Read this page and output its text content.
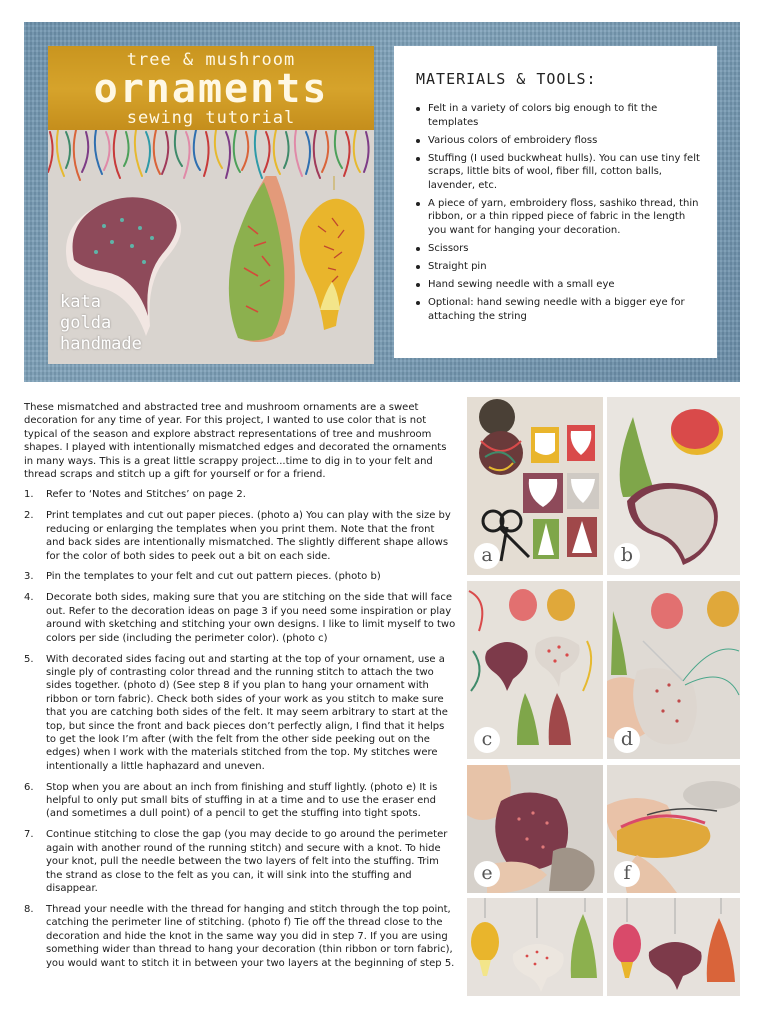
tree & mushroom
ornaments
sewing tutorial
kata
golda
handmade
MATERIALS & TOOLS:
Felt in a variety of colors big enough to fit the templates
Various colors of embroidery floss
Stuffing (I used buckwheat hulls). You can use tiny felt scraps, little bits of wool, fiber fill, cotton balls, lavender, etc.
A piece of yarn, embroidery floss, sashiko thread, thin ribbon, or a thin ripped piece of fabric in the length you want for hanging your decoration.
Scissors
Straight pin
Hand sewing needle with a small eye
Optional: hand sewing needle with a bigger eye for attaching the string

These mismatched and abstracted tree and mushroom ornaments are a sweet decoration for any time of year. For this project, I wanted to use color that is not typical of the season and explore abstract representations of tree and mushroom shapes. I played with intentionally mismatched edges and decorated the ornaments in many ways. This is a great little scrappy project...time to dig in to your felt and thread scraps and stitch up a gift for yourself or for a friend.

1.	Refer to ‘Notes and Stitches’ on page 2.
2.	Print templates and cut out paper pieces. (photo a) You can play with the size by reducing or enlarging the templates when you print them. Note that the front and back sides are intentionally mismatched. The slightly different shape allows for the color of both sides to peek out a bit on each side.
3.	Pin the templates to your felt and cut out pattern pieces. (photo b)
4.	Decorate both sides, making sure that you are stitching on the side that will face out. Refer to the decoration ideas on page 3 if you need some inspiration or play around with sketching and stitching your own designs. I like to limit myself to two colors per side (including the perimeter color). (photo c)
5.	With decorated sides facing out and starting at the top of your ornament, use a single ply of contrasting color thread and the running stitch to attach the two sides together. (photo d) (See step 8 if you plan to hang your ornament with ribbon or torn fabric). Check both sides of your work as you stitch to make sure that you are catching both sides of the felt. It may seem arbitrary to start at the top, but since the front and back pieces don’t perfectly align, I find that it helps to get the look I’m after (with the felt from the other side peeking out on the edges) when I work with the materials stitched from the top. My stitches were intentionally a little haphazard and uneven.
6.	Stop when you are about an inch from finishing and stuff lightly. (photo e) It is helpful to only put small bits of stuffing in at a time and to use the eraser end (and sometimes a dull point) of a pencil to get the stuffing into tight spots.
7.	Continue stitching to close the gap (you may decide to go around the perimeter again with another round of the running stitch) and secure with a knot. To hide your knot, pull the needle between the two layers of felt into the stuffing. Trim the strand as close to the felt as you can, it will sink into the stuffing and disappear.
8.	Thread your needle with the thread for hanging and stitch through the top point, catching the perimeter line of stitching. (photo f) Tie off the thread close to the decoration and hide the knot in the same way you did in step 7. If you are using something wider than thread to hang your decoration (thin ribbon or torn fabric), you would want to stitch it in between your two layers at the beginning of step 5.
a	b
c	d
e	f
